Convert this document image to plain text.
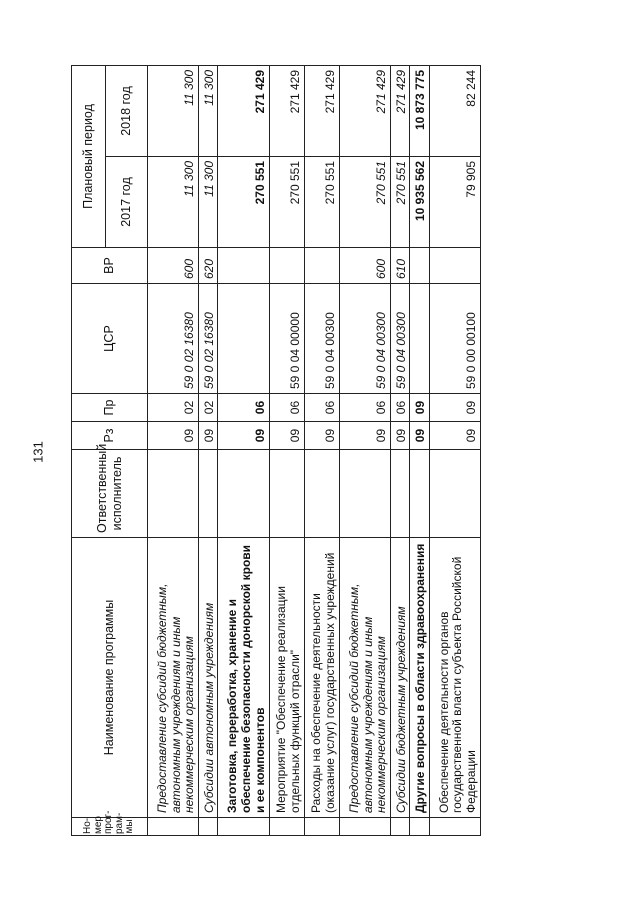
131
Но- мер прог- рам- мы	Наименование программы	Ответственный исполнитель	Рз	Пр	ЦСР	ВР	Плановый период	
							2017 год	2018 год
	Предоставление субсидий бюджетным, автономным учреждениям и иным некоммерческим организациям		09	02	59 0 02 16380	600	11 300	11 300
	Субсидии автономным учреждениям		09	02	59 0 02 16380	620	11 300	11 300
	Заготовка, переработка, хранение и обеспечение безопасности донорской крови и ее компонентов		09	06			270 551	271 429
	Мероприятие "Обеспечение реализации отдельных функций отрасли"		09	06	59 0 04 00000		270 551	271 429
	Расходы на обеспечение деятельности (оказание услуг) государственных учреждений		09	06	59 0 04 00300		270 551	271 429
	Предоставление субсидий бюджетным, автономным учреждениям и иным некоммерческим организациям		09	06	59 0 04 00300	600	270 551	271 429
	Субсидии бюджетным учреждениям		09	06	59 0 04 00300	610	270 551	271 429
	Другие вопросы в области здравоохранения		09	09			10 935 562	10 873 775
	Обеспечение деятельности органов государственной власти субъекта Российской Федерации		09	09	59 0 00 00100		79 905	82 244
